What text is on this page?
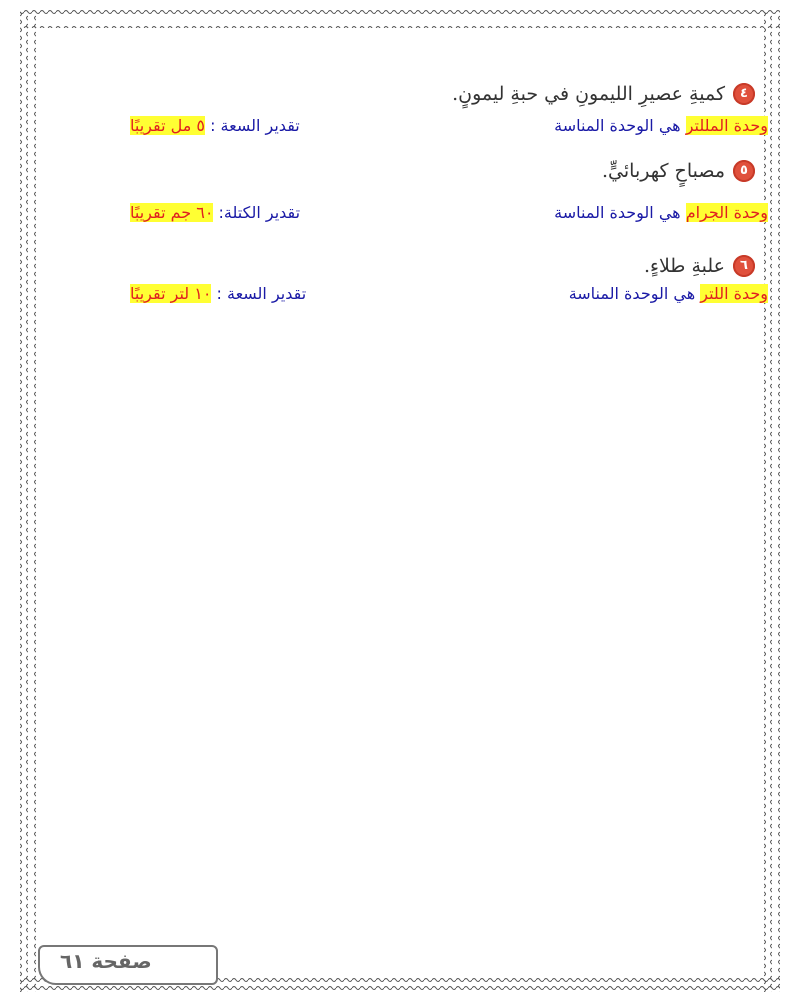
٤
كميةِ عصيرِ الليمونِ في حبةِ ليمونٍ.
وحدة المللتر هي الوحدة المناسة
تقدير السعة : ٥ مل تقريبًا
٥
مصباحٍ كهربائيٍّ.
وحدة الجرام هي الوحدة المناسة
تقدير الكتلة: ٦٠ جم تقريبًا
٦
علبةِ طلاءٍ.
وحدة اللتر هي الوحدة المناسة
تقدير السعة : ١٠ لتر تقريبًا
صفحة ٦١
